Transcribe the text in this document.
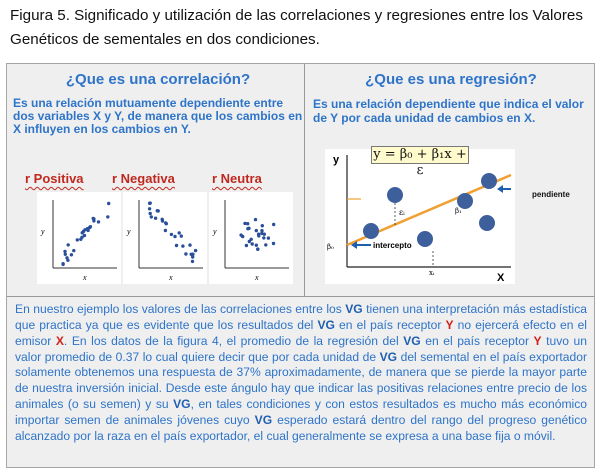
Figura 5. Significado y utilización de las correlaciones y regresiones entre los Valores Genéticos de sementales en dos condiciones.
¿Que es una correlación?	¿Que es una regresión?
Es una relación mutuamente dependiente entre dos variables X y Y, de manera que los cambios en X influyen en los cambios en Y.
Es una relación dependiente que indica el valor de Y por cada unidad de cambios en X.
r Positiva r Negativa	r Neutra
y
x
y
x
y
x
y
X
εᵢ	β₁
β₀
xᵢ
intercepto
pendiente
y = β₀ + β₁x + ε
En nuestro ejemplo los valores de las correlaciones entre los VG tienen una interpretación más estadística que practica ya que es evidente que los resultados del VG en el país receptor Y no ejercerá efecto en el emisor X. En los datos de la figura 4, el promedio de la regresión del VG en el país receptor Y tuvo un valor promedio de 0.37 lo cual quiere decir que por cada unidad de VG del semental en el país exportador solamente obtenemos una respuesta de 37% aproximadamente, de manera que se pierde la mayor parte de nuestra inversión inicial. Desde este ángulo hay que indicar las positivas relaciones entre precio de los animales (o su semen) y su VG, en tales condiciones y con estos resultados es mucho más económico importar semen de animales jóvenes cuyo VG esperado estará dentro del rango del progreso genético alcanzado por la raza en el país exportador, el cual generalmente se expresa a una base fija o móvil.
